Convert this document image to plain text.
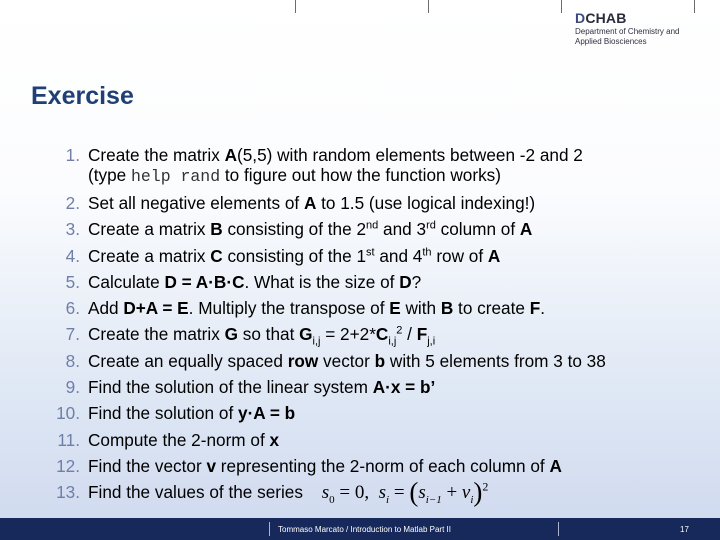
DCHAB
Department of Chemistry and
Applied Biosciences
Exercise
1. Create the matrix A(5,5) with random elements between -2 and 2
(type help rand to figure out how the function works)
2. Set all negative elements of A to 1.5 (use logical indexing!)
3. Create a matrix B consisting of the 2nd and 3rd column of A
4. Create a matrix C consisting of the 1st and 4th row of A
5. Calculate D = A·B·C. What is the size of D?
6. Add D+A = E. Multiply the transpose of E with B to create F.
7. Create the matrix G so that $G_{i,j} = 2+2*C_{i,j}^2 / F_{j,i}$
8. Create an equally spaced row vector b with 5 elements from 3 to 38
9. Find the solution of the linear system A·x = b’
10. Find the solution of y·A = b
11. Compute the 2-norm of x
12. Find the vector v representing the 2-norm of each column of A
13. Find the values of the series $s_0 = 0$, $s_i = (s_{i-1} + v_i)^2$
Tommaso Marcato / Introduction to Matlab Part II	17
